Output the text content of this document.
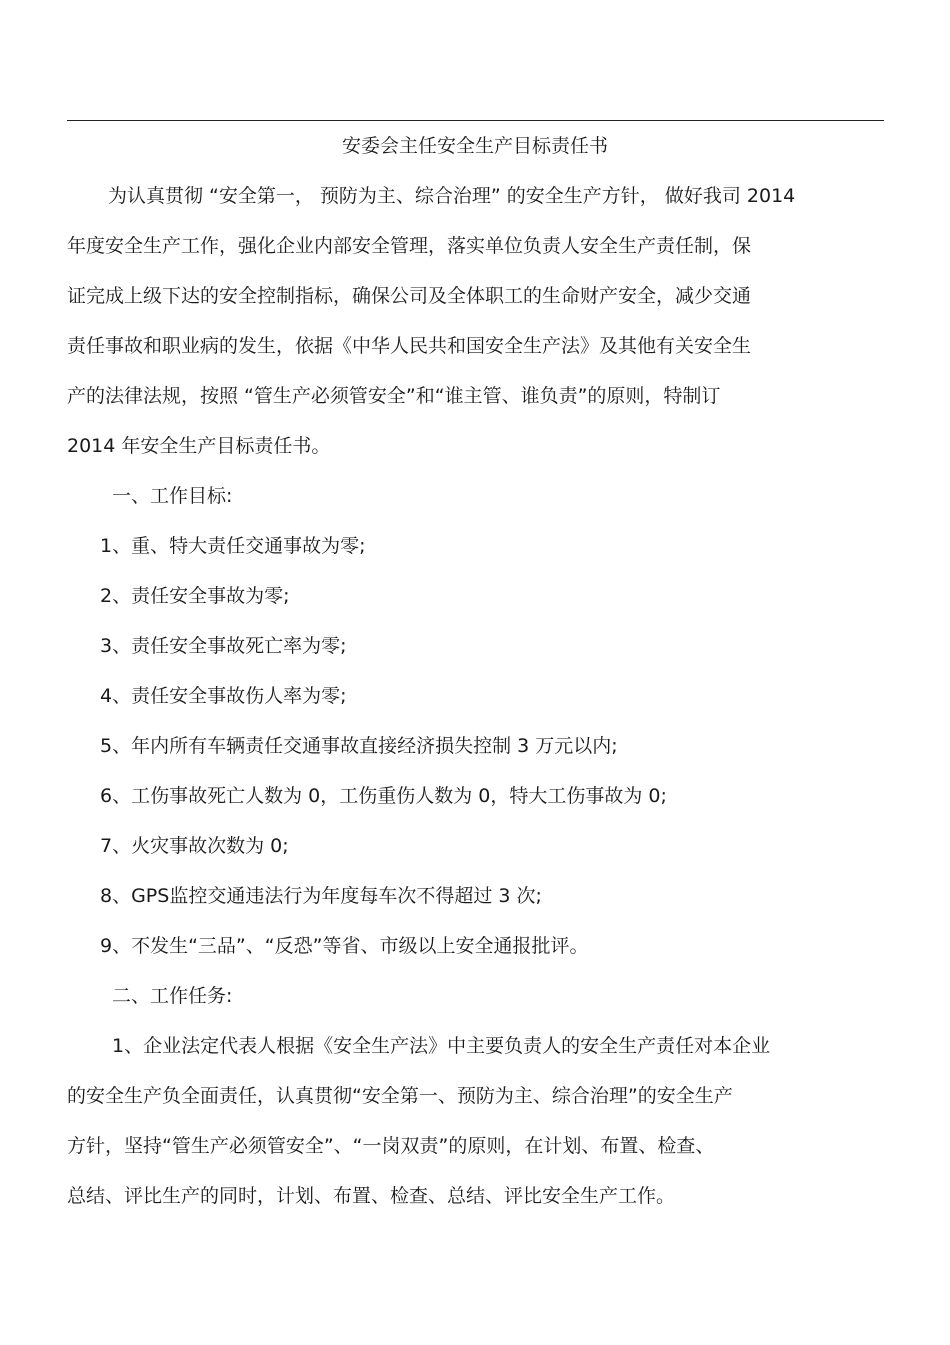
安委会主任安全生产目标责任书
为认真贯彻 “安全第一， 预防为主、综合治理” 的安全生产方针， 做好我司 2014
年度安全生产工作，强化企业内部安全管理，落实单位负责人安全生产责任制，保
证完成上级下达的安全控制指标，确保公司及全体职工的生命财产安全，减少交通
责任事故和职业病的发生，依据《中华人民共和国安全生产法》及其他有关安全生
产的法律法规，按照 “管生产必须管安全”和“谁主管、谁负责”的原则，特制订
2014 年安全生产目标责任书。
一、工作目标:
1、重、特大责任交通事故为零;
2、责任安全事故为零;
3、责任安全事故死亡率为零;
4、责任安全事故伤人率为零;
5、年内所有车辆责任交通事故直接经济损失控制 3 万元以内;
6、工伤事故死亡人数为 0，工伤重伤人数为 0，特大工伤事故为 0;
7、火灾事故次数为 0;
8、GPS监控交通违法行为年度每车次不得超过 3 次;
9、不发生“三品”、“反恐”等省、市级以上安全通报批评。
二、工作任务:
1、企业法定代表人根据《安全生产法》中主要负责人的安全生产责任对本企业
的安全生产负全面责任，认真贯彻“安全第一、预防为主、综合治理”的安全生产
方针，坚持“管生产必须管安全”、“一岗双责”的原则，在计划、布置、检查、
总结、评比生产的同时，计划、布置、检查、总结、评比安全生产工作。
